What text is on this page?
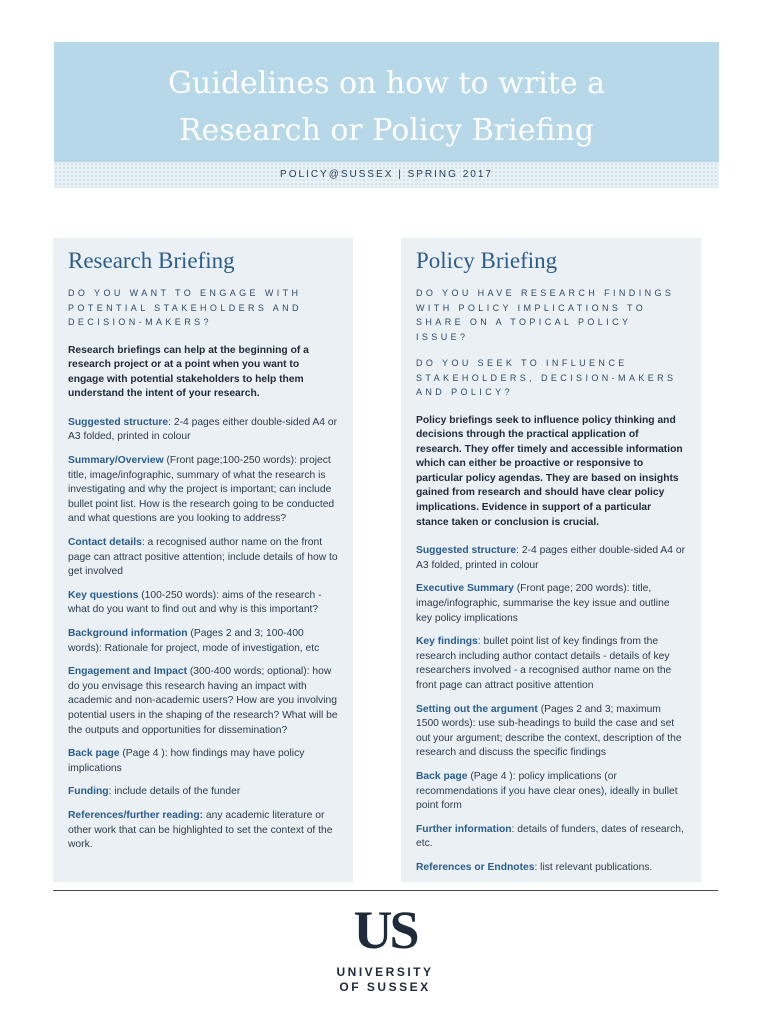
Guidelines on how to write a
Research or Policy Briefing
POLICY@SUSSEX | SPRING 2017
Research Briefing
DO YOU WANT TO ENGAGE WITH POTENTIAL STAKEHOLDERS AND DECISION-MAKERS?
Research briefings can help at the beginning of a research project or at a point when you want to engage with potential stakeholders to help them understand the intent of your research.
Suggested structure: 2-4 pages either double-sided A4 or A3 folded, printed in colour
Summary/Overview (Front page;100-250 words): project title, image/infographic, summary of what the research is investigating and why the project is important; can include bullet point list. How is the research going to be conducted and what questions are you looking to address?
Contact details: a recognised author name on the front page can attract positive attention; include details of how to get involved
Key questions (100-250 words): aims of the research - what do you want to find out and why is this important?
Background information (Pages 2 and 3; 100-400 words): Rationale for project, mode of investigation, etc
Engagement and Impact (300-400 words; optional): how do you envisage this research having an impact with academic and non-academic users? How are you involving potential users in the shaping of the research? What will be the outputs and opportunities for dissemination?
Back page (Page 4 ): how findings may have policy implications
Funding: include details of the funder
References/further reading: any academic literature or other work that can be highlighted to set the context of the work.
Policy Briefing
DO YOU HAVE RESEARCH FINDINGS WITH POLICY IMPLICATIONS TO SHARE ON A TOPICAL POLICY ISSUE?
DO YOU SEEK TO INFLUENCE STAKEHOLDERS, DECISION-MAKERS AND POLICY?
Policy briefings seek to influence policy thinking and decisions through the practical application of research. They offer timely and accessible information which can either be proactive or responsive to particular policy agendas. They are based on insights gained from research and should have clear policy implications. Evidence in support of a particular stance taken or conclusion is crucial.
Suggested structure: 2-4 pages either double-sided A4 or A3 folded, printed in colour
Executive Summary (Front page; 200 words): title, image/infographic, summarise the key issue and outline key policy implications
Key findings: bullet point list of key findings from the research including author contact details - details of key researchers involved - a recognised author name on the front page can attract positive attention
Setting out the argument (Pages 2 and 3; maximum 1500 words): use sub-headings to build the case and set out your argument; describe the context, description of the research and discuss the specific findings
Back page (Page 4 ): policy implications (or recommendations if you have clear ones), ideally in bullet point form
Further information: details of funders, dates of research, etc.
References or Endnotes: list relevant publications.
US
UNIVERSITY
OF SUSSEX
